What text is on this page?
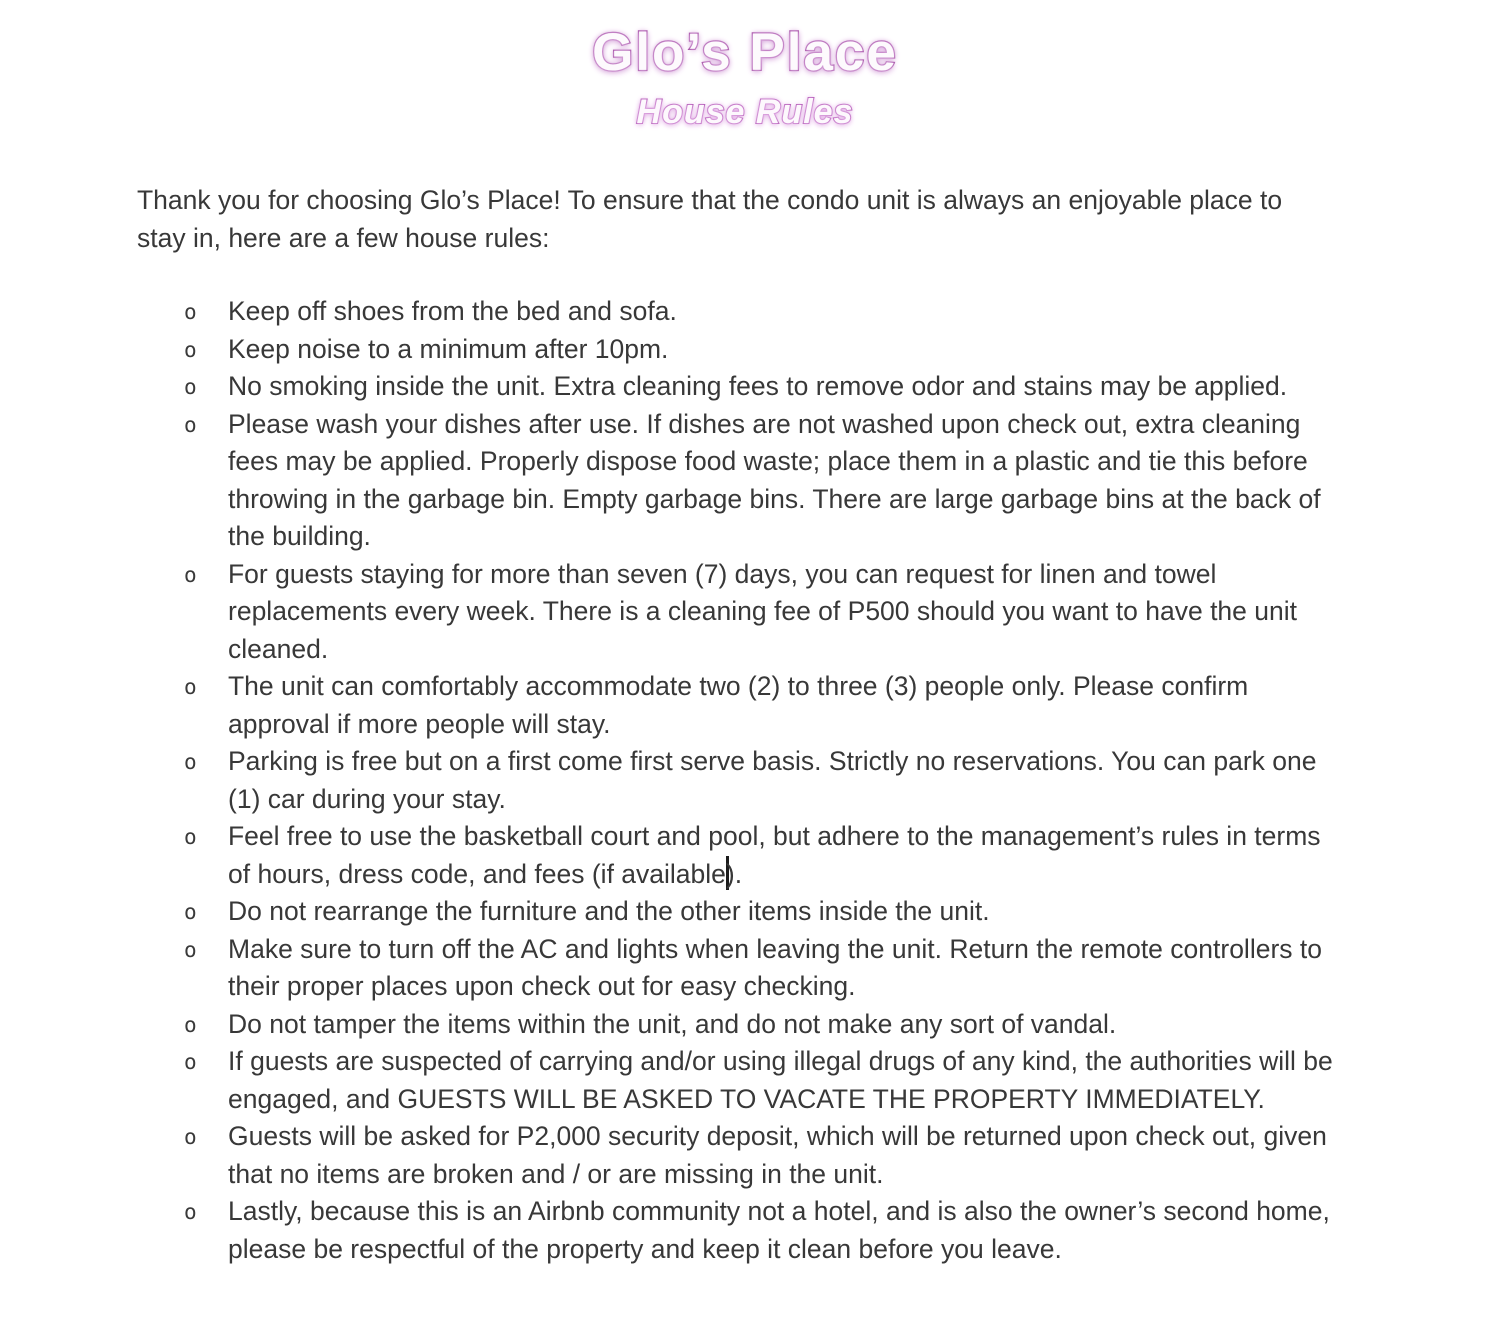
Glo’s Place
House Rules

Thank you for choosing Glo’s Place! To ensure that the condo unit is always an enjoyable place to stay in, here are a few house rules:

o Keep off shoes from the bed and sofa.
o Keep noise to a minimum after 10pm.
o No smoking inside the unit. Extra cleaning fees to remove odor and stains may be applied.
o Please wash your dishes after use. If dishes are not washed upon check out, extra cleaning fees may be applied. Properly dispose food waste; place them in a plastic and tie this before throwing in the garbage bin. Empty garbage bins. There are large garbage bins at the back of the building.
o For guests staying for more than seven (7) days, you can request for linen and towel replacements every week. There is a cleaning fee of P500 should you want to have the unit cleaned.
o The unit can comfortably accommodate two (2) to three (3) people only. Please confirm approval if more people will stay.
o Parking is free but on a first come first serve basis. Strictly no reservations. You can park one (1) car during your stay.
o Feel free to use the basketball court and pool, but adhere to the management’s rules in terms of hours, dress code, and fees (if available).
o Do not rearrange the furniture and the other items inside the unit.
o Make sure to turn off the AC and lights when leaving the unit. Return the remote controllers to their proper places upon check out for easy checking.
o Do not tamper the items within the unit, and do not make any sort of vandal.
o If guests are suspected of carrying and/or using illegal drugs of any kind, the authorities will be engaged, and GUESTS WILL BE ASKED TO VACATE THE PROPERTY IMMEDIATELY.
o Guests will be asked for P2,000 security deposit, which will be returned upon check out, given that no items are broken and / or are missing in the unit.
o Lastly, because this is an Airbnb community not a hotel, and is also the owner’s second home, please be respectful of the property and keep it clean before you leave.
